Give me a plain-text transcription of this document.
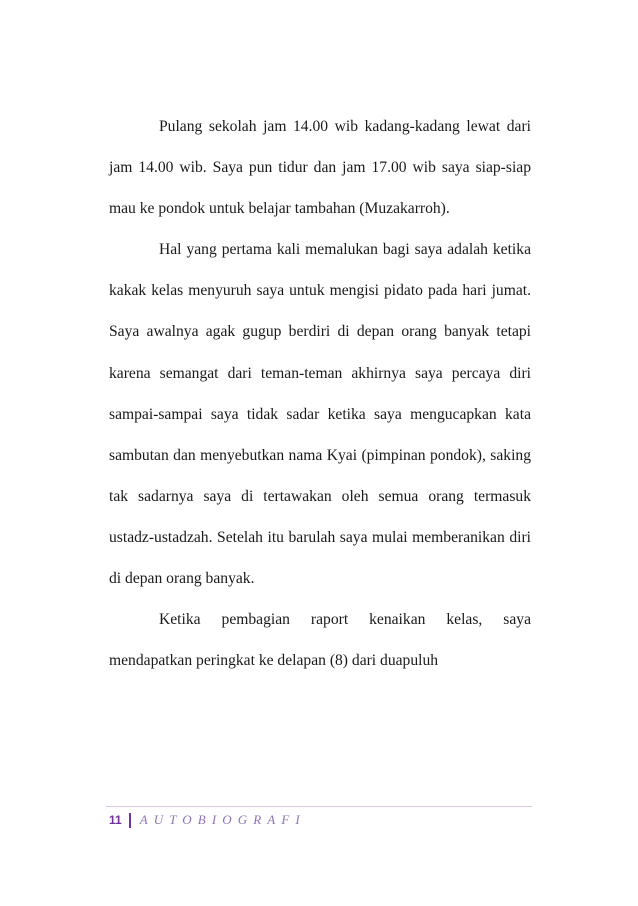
Pulang sekolah jam 14.00 wib kadang-kadang lewat dari jam 14.00 wib. Saya pun tidur dan jam 17.00 wib saya siap-siap mau ke pondok untuk belajar tambahan (Muzakarroh).

Hal yang pertama kali memalukan bagi saya adalah ketika kakak kelas menyuruh saya untuk mengisi pidato pada hari jumat. Saya awalnya agak gugup berdiri di depan orang banyak tetapi karena semangat dari teman-teman akhirnya saya percaya diri sampai-sampai saya tidak sadar ketika saya mengucapkan kata sambutan dan menyebutkan nama Kyai (pimpinan pondok), saking tak sadarnya saya di tertawakan oleh semua orang termasuk ustadz-ustadzah. Setelah itu barulah saya mulai memberanikan diri di depan orang banyak.

Ketika pembagian raport kenaikan kelas, saya mendapatkan peringkat ke delapan (8) dari duapuluh

11 AUTOBIOGRAFI
